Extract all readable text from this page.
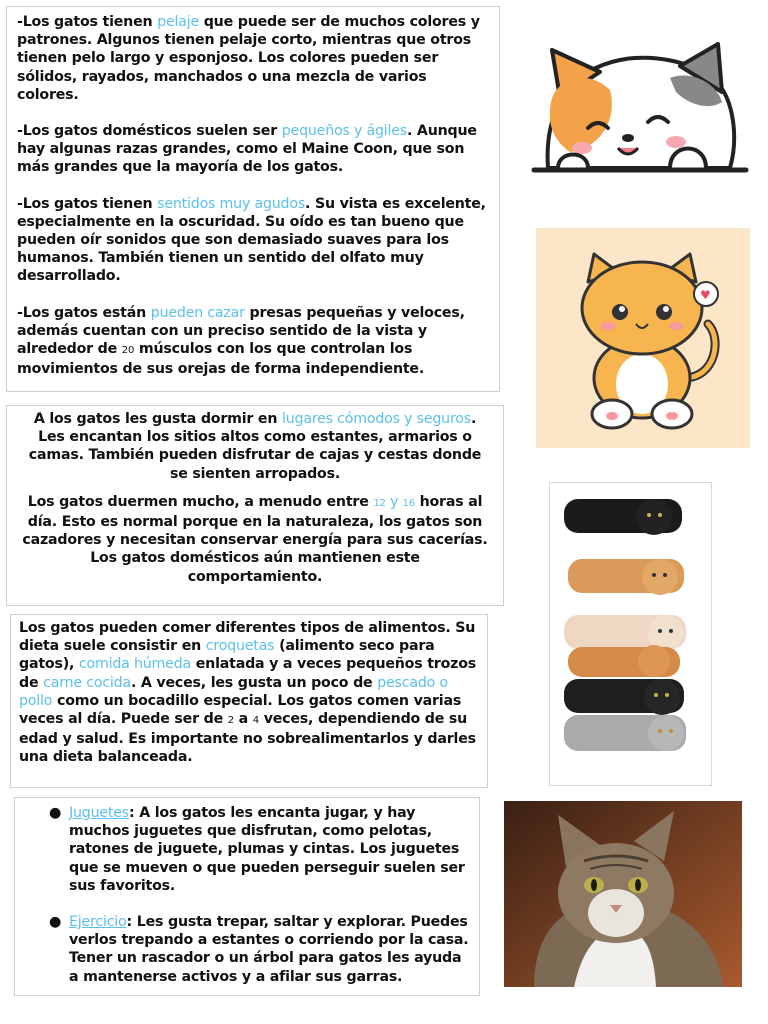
-Los gatos tienen pelaje que puede ser de muchos colores y patrones. Algunos tienen pelaje corto, mientras que otros tienen pelo largo y esponjoso. Los colores pueden ser sólidos, rayados, manchados o una mezcla de varios colores.

-Los gatos domésticos suelen ser pequeños y ágiles. Aunque hay algunas razas grandes, como el Maine Coon, que son más grandes que la mayoría de los gatos.

-Los gatos tienen sentidos muy agudos. Su vista es excelente, especialmente en la oscuridad. Su oído es tan bueno que pueden oír sonidos que son demasiado suaves para los humanos. También tienen un sentido del olfato muy desarrollado.

-Los gatos están pueden cazar presas pequeñas y veloces, además cuentan con un preciso sentido de la vista y alrededor de 20 músculos con los que controlan los movimientos de sus orejas de forma independiente.

A los gatos les gusta dormir en lugares cómodos y seguros. Les encantan los sitios altos como estantes, armarios o camas. También pueden disfrutar de cajas y cestas donde se sienten arropados.

Los gatos duermen mucho, a menudo entre 12 y 16 horas al día. Esto es normal porque en la naturaleza, los gatos son cazadores y necesitan conservar energía para sus cacerías. Los gatos domésticos aún mantienen este comportamiento.

Los gatos pueden comer diferentes tipos de alimentos. Su dieta suele consistir en croquetas (alimento seco para gatos), comida húmeda enlatada y a veces pequeños trozos de carne cocida. A veces, les gusta un poco de pescado o pollo como un bocadillo especial. Los gatos comen varias veces al día. Puede ser de 2 a 4 veces, dependiendo de su edad y salud. Es importante no sobrealimentarlos y darles una dieta balanceada.

● Juguetes: A los gatos les encanta jugar, y hay muchos juguetes que disfrutan, como pelotas, ratones de juguete, plumas y cintas. Los juguetes que se mueven o que pueden perseguir suelen ser sus favoritos.
● Ejercicio: Les gusta trepar, saltar y explorar. Puedes verlos trepando a estantes o corriendo por la casa. Tener un rascador o un árbol para gatos les ayuda a mantenerse activos y a afilar sus garras.
♥
